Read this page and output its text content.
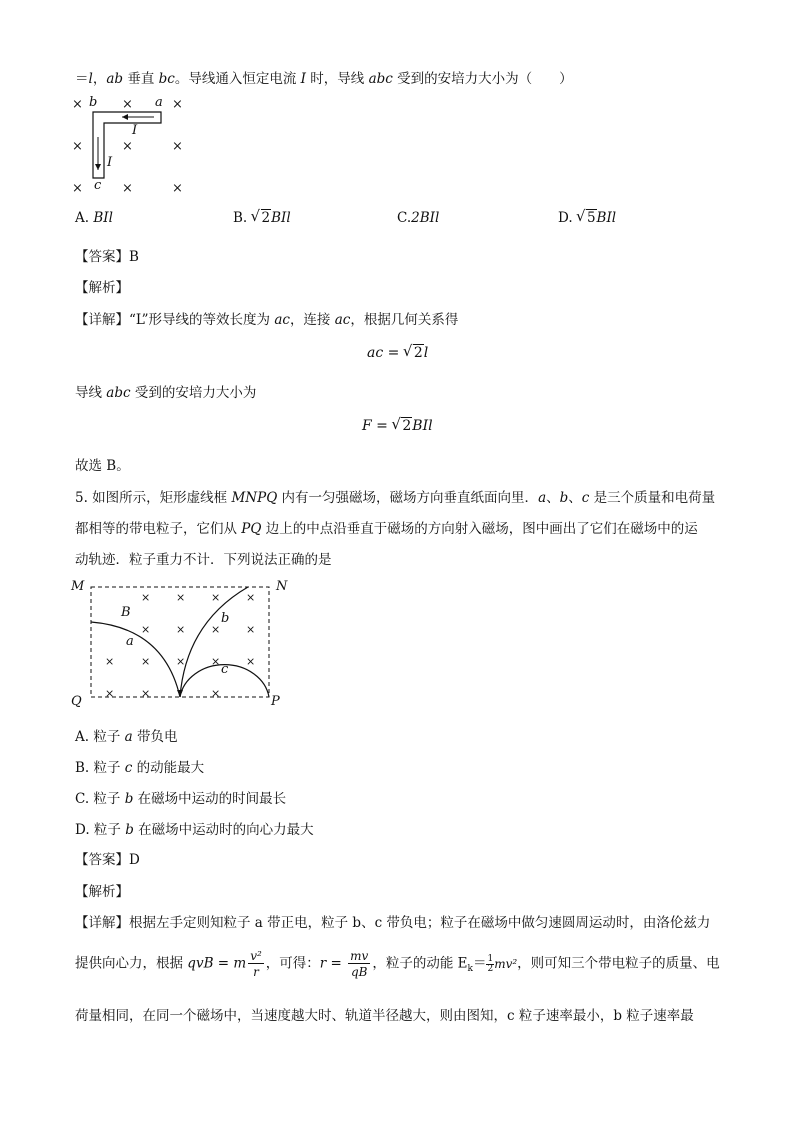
＝l，ab 垂直 bc。导线通入恒定电流 I 时，导线 abc 受到的安培力大小为（　　）
×	×	×
×	×	×
×	×	×
b	a
c
I
I
A. BIl	B. √ 2BIl	C.2BIl	D. √ 5BIl
【答案】B
【解析】
【详解】“L”形导线的等效长度为 ac，连接 ac，根据几何关系得
ac = √ 2l
导线 abc 受到的安培力大小为
F = √ 2BIl
故选 B。
5. 如图所示，矩形虚线框 MNPQ 内有一匀强磁场，磁场方向垂直纸面向里．a、b、c 是三个质量和电荷量
都相等的带电粒子，它们从 PQ 边上的中点沿垂直于磁场的方向射入磁场，图中画出了它们在磁场中的运
动轨迹．粒子重力不计．下列说法正确的是
M	N
Q	P
B
a
b
c
× × ×
×	× ×
× × ×	×
× ×	×
×
×
×
A. 粒子 a 带负电
B. 粒子 c 的动能最大
C. 粒子 b 在磁场中运动的时间最长
D. 粒子 b 在磁场中运动时的向心力最大
【答案】D
【解析】
【详解】根据左手定则知粒子 a 带正电，粒子 b、c 带负电；粒子在磁场中做匀速圆周运动时，由洛伦兹力
提供向心力，根据 qvB = m $\frac{\text{v²}}{r}$ ，可得：$r = \frac{mv}{qB}$ ，粒子的动能 $E_k= \frac{1}{2} mv^2$，则可知三个带电粒子的质量、电
荷量相同，在同一个磁场中，当速度越大时、轨道半径越大，则由图知，c 粒子速率最小，b 粒子速率最
